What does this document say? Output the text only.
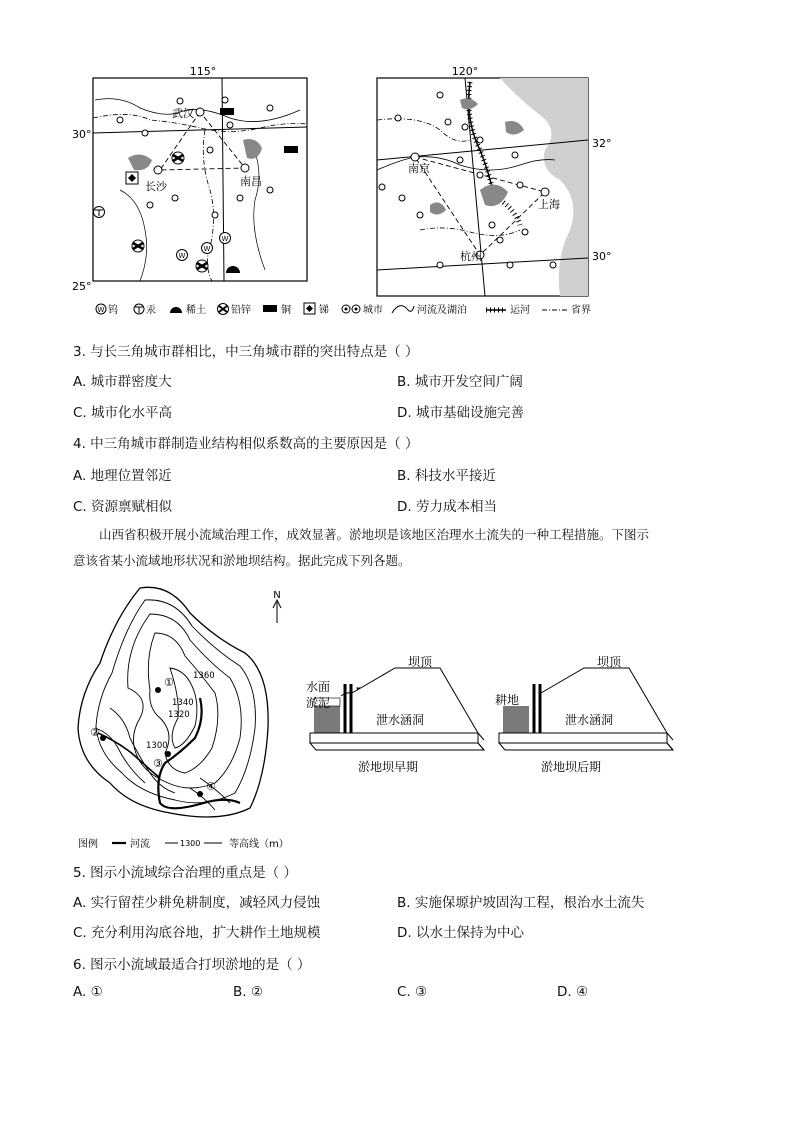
115°
30°
25°
武汉
长沙	南昌
W
W
W
120°
32°
30°
南京
上海
杭州
W 钨	汞	稀土	铅锌	铜	锑	城市	河流及湖泊	运河	省界
3. 与长三角城市群相比，中三角城市群的突出特点是（ ）
A. 城市群密度大	B. 城市开发空间广阔
C. 城市化水平高	D. 城市基础设施完善
4. 中三角城市群制造业结构相似系数高的主要原因是（ ）
A. 地理位置邻近	B. 科技水平接近
C. 资源禀赋相似	D. 劳力成本相当
山西省积极开展小流域治理工作，成效显著。淤地坝是该地区治理水土流失的一种工程措施。下图示
意该省某小流域地形状况和淤地坝结构。据此完成下列各题。
N
1360
1340
1320
1300
①
②
③
④
图例	河流	1300	等高线（m）
水面
淤泥
坝顶
泄水涵洞
淤地坝早期
耕地
坝顶
泄水涵洞
淤地坝后期
5. 图示小流域综合治理的重点是（ ）
A. 实行留茬少耕免耕制度，减轻风力侵蚀	B. 实施保塬护坡固沟工程，根治水土流失
C. 充分利用沟底谷地，扩大耕作土地规模	D. 以水土保持为中心
6. 图示小流域最适合打坝淤地的是（ ）
A. ①	B. ②	C. ③	D. ④
